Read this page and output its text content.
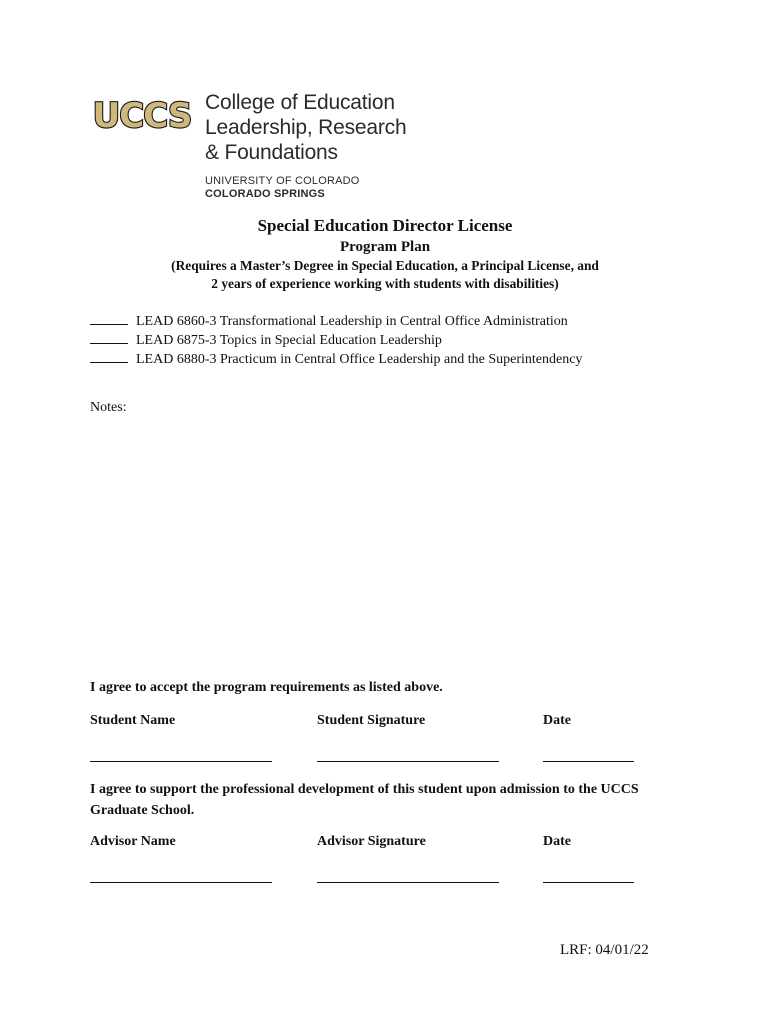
UCCS College of Education
Leadership, Research
& Foundations
UNIVERSITY OF COLORADO
COLORADO SPRINGS
Special Education Director License
Program Plan
(Requires a Master’s Degree in Special Education, a Principal License, and
2 years of experience working with students with disabilities)
LEAD 6860-3 Transformational Leadership in Central Office Administration
LEAD 6875-3 Topics in Special Education Leadership
LEAD 6880-3 Practicum in Central Office Leadership and the Superintendency
Notes:
I agree to accept the program requirements as listed above.
Student Name	Student Signature	Date
I agree to support the professional development of this student upon admission to the UCCS Graduate School.
Advisor Name	Advisor Signature	Date
LRF: 04/01/22
